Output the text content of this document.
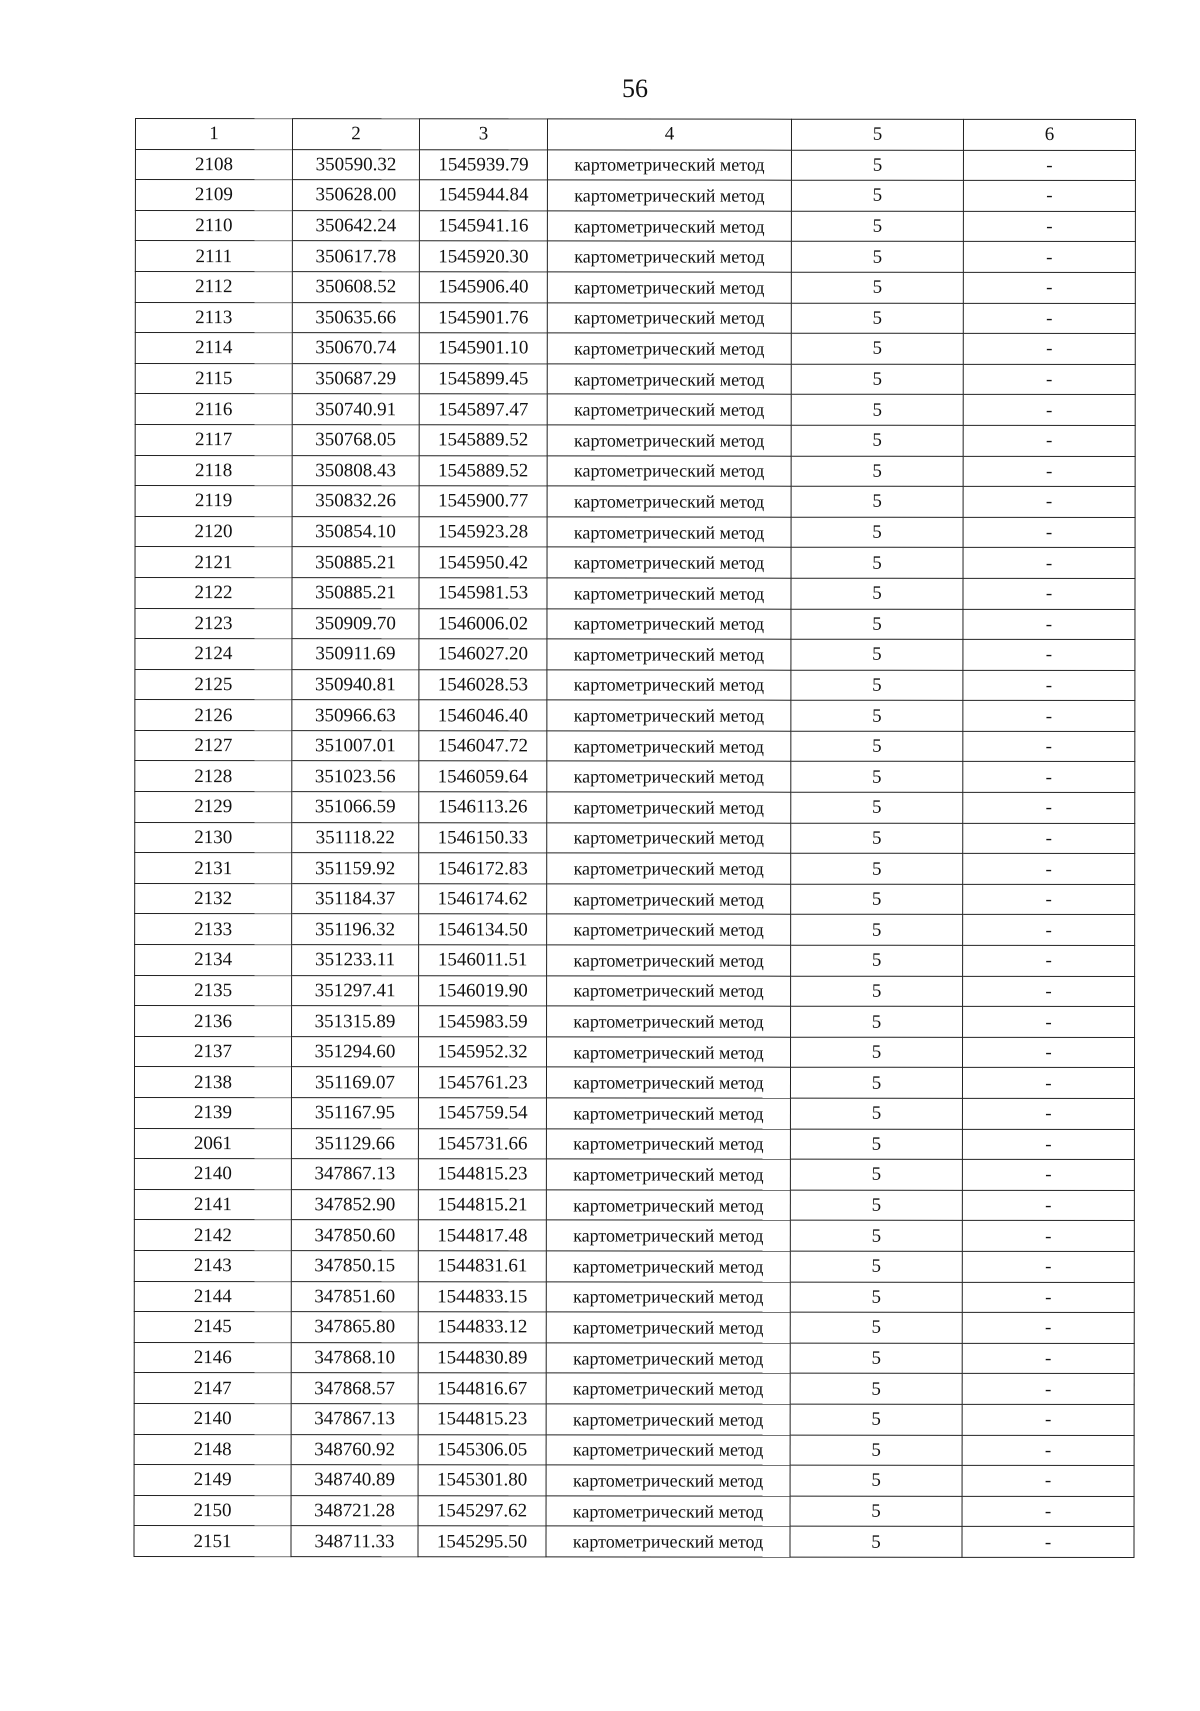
56
1	2	3	4	5	6
2108	350590.32	1545939.79	картометрический метод	5	-
2109	350628.00	1545944.84	картометрический метод	5	-
2110	350642.24	1545941.16	картометрический метод	5	-
2111	350617.78	1545920.30	картометрический метод	5	-
2112	350608.52	1545906.40	картометрический метод	5	-
2113	350635.66	1545901.76	картометрический метод	5	-
2114	350670.74	1545901.10	картометрический метод	5	-
2115	350687.29	1545899.45	картометрический метод	5	-
2116	350740.91	1545897.47	картометрический метод	5	-
2117	350768.05	1545889.52	картометрический метод	5	-
2118	350808.43	1545889.52	картометрический метод	5	-
2119	350832.26	1545900.77	картометрический метод	5	-
2120	350854.10	1545923.28	картометрический метод	5	-
2121	350885.21	1545950.42	картометрический метод	5	-
2122	350885.21	1545981.53	картометрический метод	5	-
2123	350909.70	1546006.02	картометрический метод	5	-
2124	350911.69	1546027.20	картометрический метод	5	-
2125	350940.81	1546028.53	картометрический метод	5	-
2126	350966.63	1546046.40	картометрический метод	5	-
2127	351007.01	1546047.72	картометрический метод	5	-
2128	351023.56	1546059.64	картометрический метод	5	-
2129	351066.59	1546113.26	картометрический метод	5	-
2130	351118.22	1546150.33	картометрический метод	5	-
2131	351159.92	1546172.83	картометрический метод	5	-
2132	351184.37	1546174.62	картометрический метод	5	-
2133	351196.32	1546134.50	картометрический метод	5	-
2134	351233.11	1546011.51	картометрический метод	5	-
2135	351297.41	1546019.90	картометрический метод	5	-
2136	351315.89	1545983.59	картометрический метод	5	-
2137	351294.60	1545952.32	картометрический метод	5	-
2138	351169.07	1545761.23	картометрический метод	5	-
2139	351167.95	1545759.54	картометрический метод	5	-
2061	351129.66	1545731.66	картометрический метод	5	-
2140	347867.13	1544815.23	картометрический метод	5	-
2141	347852.90	1544815.21	картометрический метод	5	-
2142	347850.60	1544817.48	картометрический метод	5	-
2143	347850.15	1544831.61	картометрический метод	5	-
2144	347851.60	1544833.15	картометрический метод	5	-
2145	347865.80	1544833.12	картометрический метод	5	-
2146	347868.10	1544830.89	картометрический метод	5	-
2147	347868.57	1544816.67	картометрический метод	5	-
2140	347867.13	1544815.23	картометрический метод	5	-
2148	348760.92	1545306.05	картометрический метод	5	-
2149	348740.89	1545301.80	картометрический метод	5	-
2150	348721.28	1545297.62	картометрический метод	5	-
2151	348711.33	1545295.50	картометрический метод	5	-
